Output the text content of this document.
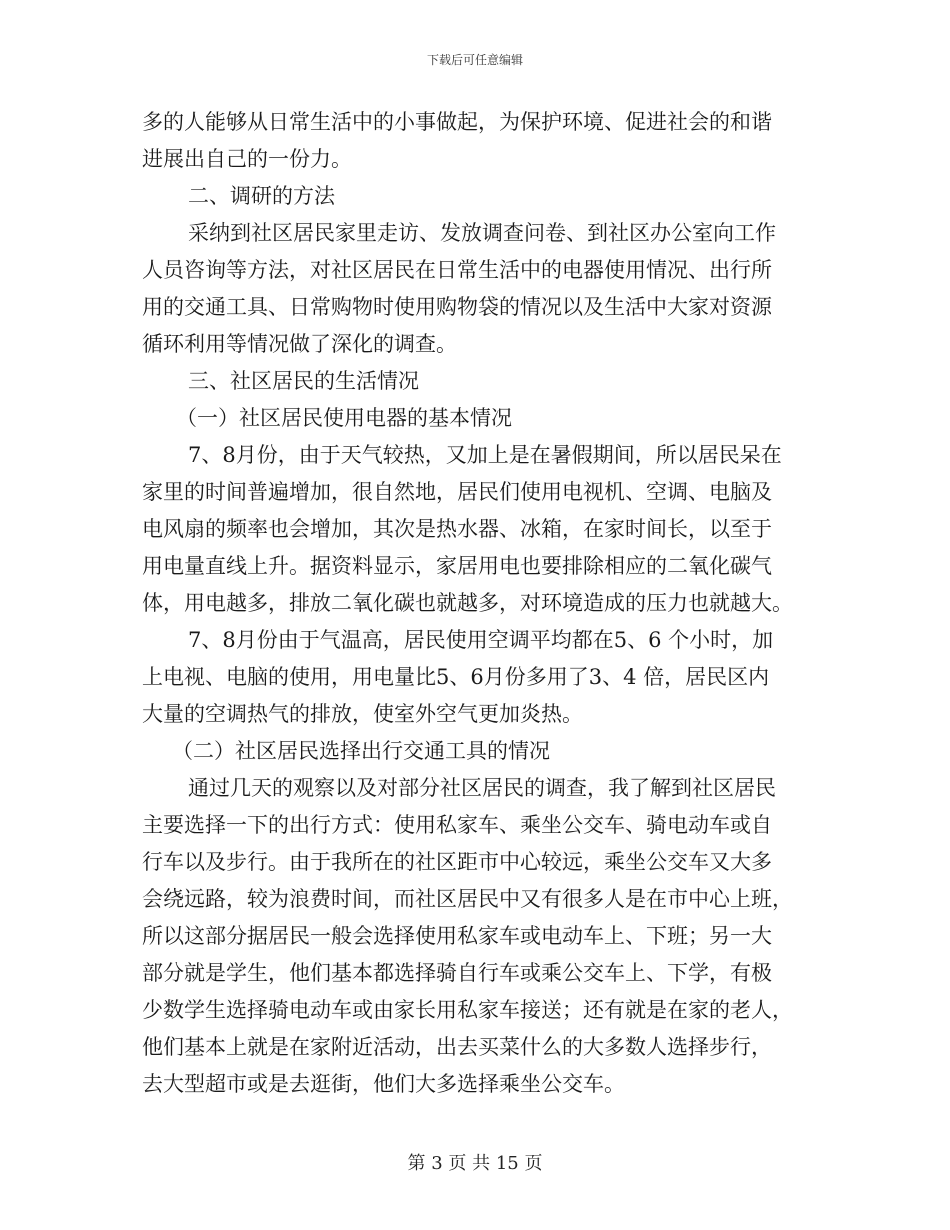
下载后可任意编辑
多的人能够从日常生活中的小事做起，为保护环境、促进社会的和谐
进展出自己的一份力。
二、调研的方法
采纳到社区居民家里走访、发放调查问卷、到社区办公室向工作
人员咨询等方法，对社区居民在日常生活中的电器使用情况、出行所
用的交通工具、日常购物时使用购物袋的情况以及生活中大家对资源
循环利用等情况做了深化的调查。
三、社区居民的生活情况
（一）社区居民使用电器的基本情况
7、8月份，由于天气较热，又加上是在暑假期间，所以居民呆在
家里的时间普遍增加，很自然地，居民们使用电视机、空调、电脑及
电风扇的频率也会增加，其次是热水器、冰箱，在家时间长，以至于
用电量直线上升。据资料显示，家居用电也要排除相应的二氧化碳气
体，用电越多，排放二氧化碳也就越多，对环境造成的压力也就越大。
7、8月份由于气温高，居民使用空调平均都在5、6 个小时，加
上电视、电脑的使用，用电量比5、6月份多用了3、4 倍，居民区内
大量的空调热气的排放，使室外空气更加炎热。
（二）社区居民选择出行交通工具的情况
通过几天的观察以及对部分社区居民的调查，我了解到社区居民
主要选择一下的出行方式：使用私家车、乘坐公交车、骑电动车或自
行车以及步行。由于我所在的社区距市中心较远，乘坐公交车又大多
会绕远路，较为浪费时间，而社区居民中又有很多人是在市中心上班，
所以这部分据居民一般会选择使用私家车或电动车上、下班；另一大
部分就是学生，他们基本都选择骑自行车或乘公交车上、下学，有极
少数学生选择骑电动车或由家长用私家车接送；还有就是在家的老人，
他们基本上就是在家附近活动，出去买菜什么的大多数人选择步行，
去大型超市或是去逛街，他们大多选择乘坐公交车。
第 3 页 共 15 页
